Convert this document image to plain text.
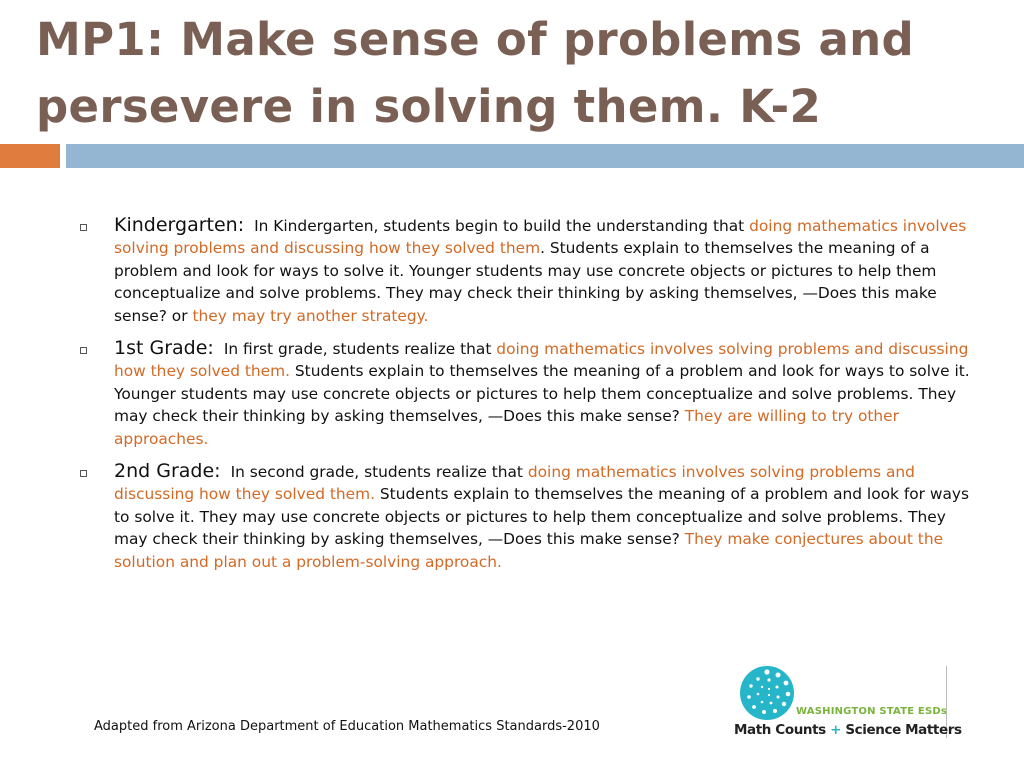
MP1: Make sense of problems and persevere in solving them. K-2
Kindergarten: In Kindergarten, students begin to build the understanding that doing mathematics involves solving problems and discussing how they solved them. Students explain to themselves the meaning of a problem and look for ways to solve it. Younger students may use concrete objects or pictures to help them conceptualize and solve problems. They may check their thinking by asking themselves, —Does this make sense? or they may try another strategy.
1st Grade: In first grade, students realize that doing mathematics involves solving problems and discussing how they solved them. Students explain to themselves the meaning of a problem and look for ways to solve it. Younger students may use concrete objects or pictures to help them conceptualize and solve problems. They may check their thinking by asking themselves, —Does this make sense? They are willing to try other approaches.
2nd Grade: In second grade, students realize that doing mathematics involves solving problems and discussing how they solved them. Students explain to themselves the meaning of a problem and look for ways to solve it. They may use concrete objects or pictures to help them conceptualize and solve problems. They may check their thinking by asking themselves, —Does this make sense? They make conjectures about the solution and plan out a problem-solving approach.
Adapted from Arizona Department of Education Mathematics Standards-2010
WASHINGTON STATE ESDs
Math Counts + Science Matters
